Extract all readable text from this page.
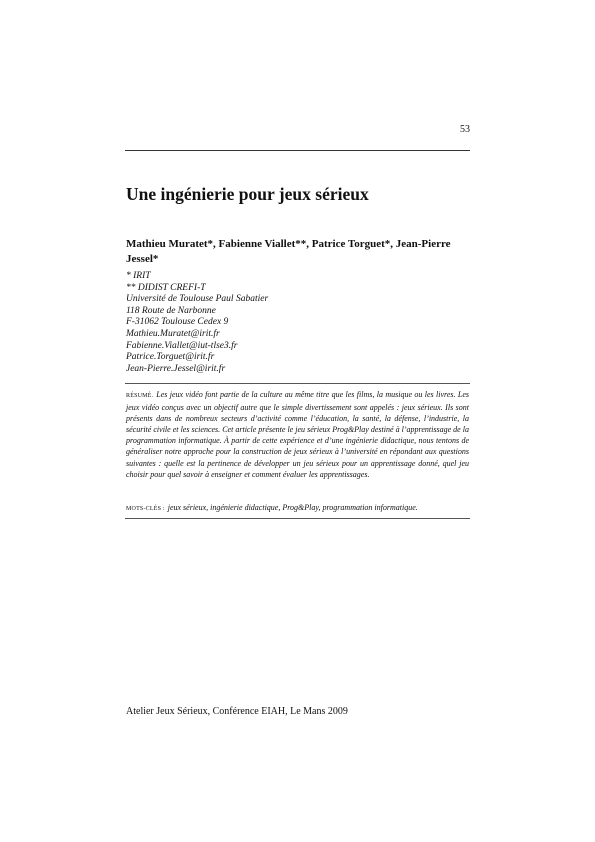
53
Une ingénierie pour jeux sérieux

Mathieu Muratet*, Fabienne Viallet**, Patrice Torguet*, Jean-Pierre Jessel*

* IRIT
** DIDIST CREFI-T
Université de Toulouse Paul Sabatier
118 Route de Narbonne
F-31062 Toulouse Cedex 9
Mathieu.Muratet@irit.fr
Fabienne.Viallet@iut-tlse3.fr
Patrice.Torguet@irit.fr
Jean-Pierre.Jessel@irit.fr

RÉSUMÉ. Les jeux vidéo font partie de la culture au même titre que les films, la musique ou les livres. Les jeux vidéo conçus avec un objectif autre que le simple divertissement sont appelés : jeux sérieux. Ils sont présents dans de nombreux secteurs d’activité comme l’éducation, la santé, la défense, l’industrie, la sécurité civile et les sciences. Cet article présente le jeu sérieux Prog&Play destiné à l’apprentissage de la programmation informatique. À partir de cette expérience et d’une ingénierie didactique, nous tentons de généraliser notre approche pour la construction de jeux sérieux à l’université en répondant aux questions suivantes : quelle est la pertinence de développer un jeu sérieux pour un apprentissage donné, quel jeu choisir pour quel savoir à enseigner et comment évaluer les apprentissages.

MOTS-CLÉS : jeux sérieux, ingénierie didactique, Prog&Play, programmation informatique.

Atelier Jeux Sérieux, Conférence EIAH, Le Mans 2009
